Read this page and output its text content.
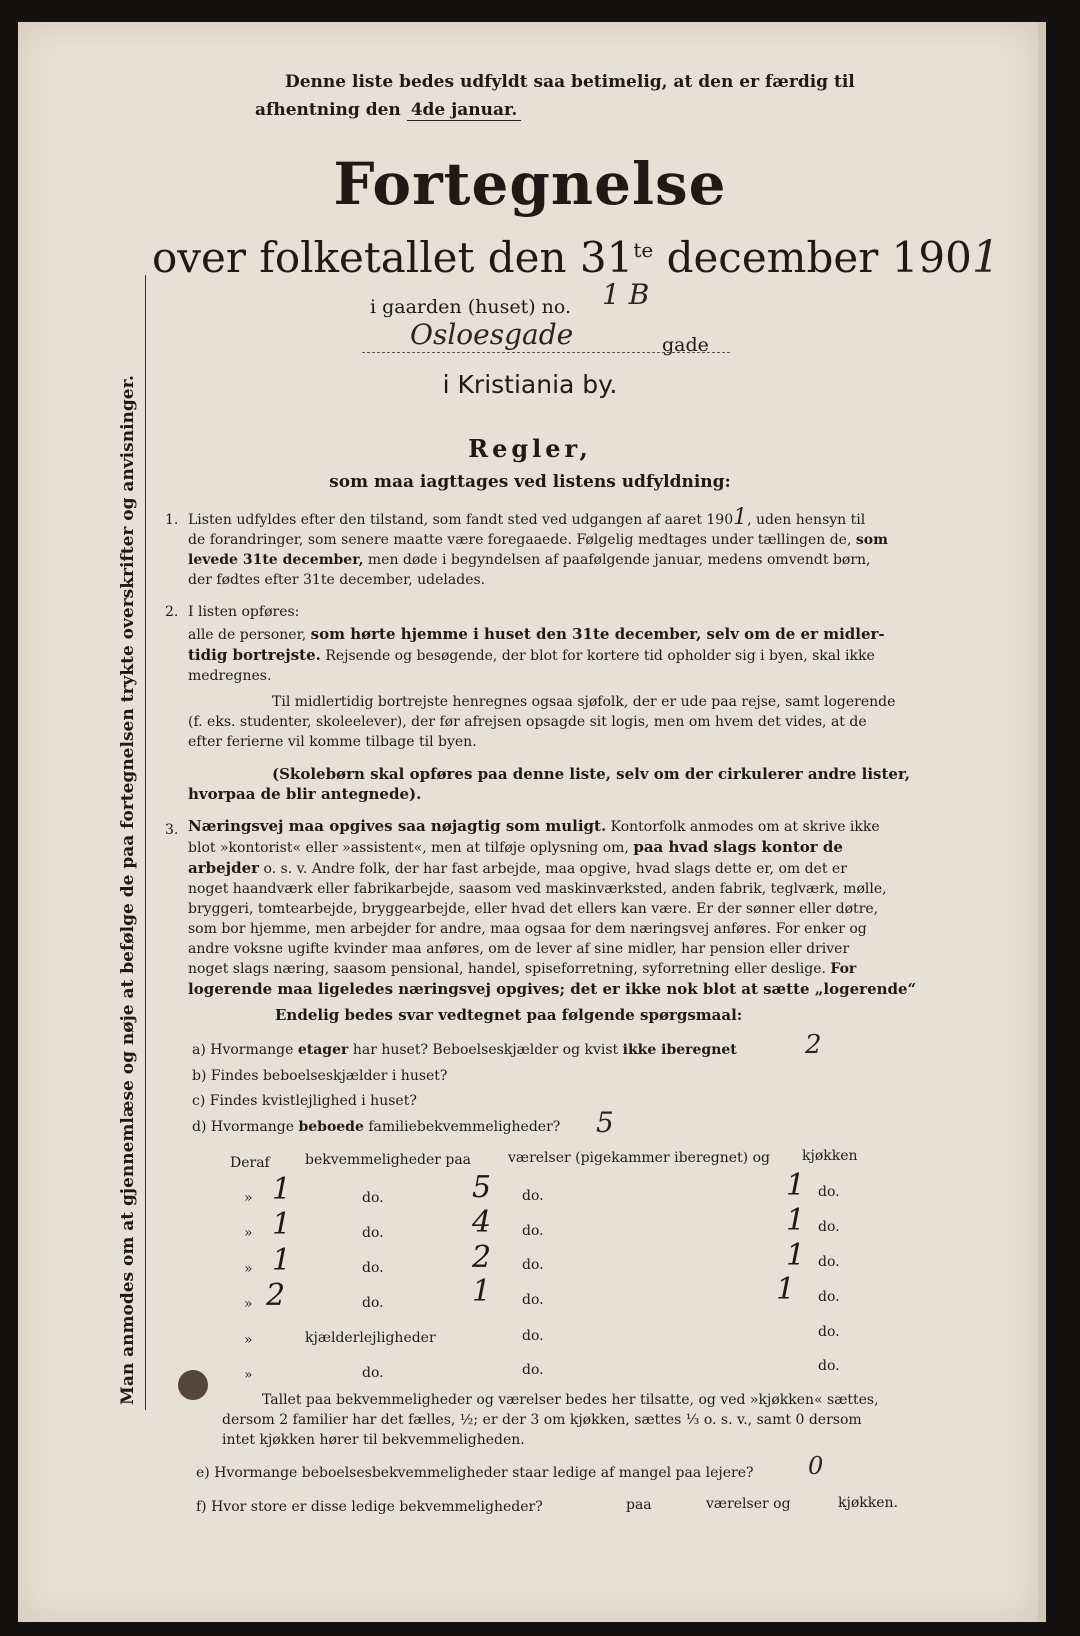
Man anmodes om at gjennemlæse og nøje at befølge de paa fortegnelsen trykte overskrifter og anvisninger.
Denne liste bedes udfyldt saa betimelig, at den er færdig til
afhentning den 4de januar.
Fortegnelse
over folketallet den $31^{te}$ december 1901
i gaarden (huset) no. 1 B
Osloesgade	gade
i Kristiania by.
Regler,
som maa iagttages ved listens udfyldning:
1. Listen udfyldes efter den tilstand, som fandt sted ved udgangen af aaret 1901, uden hensyn til
de forandringer, som senere maatte være foregaaede. Følgelig medtages under tællingen de, som
levede 31te december, men døde i begyndelsen af paafølgende januar, medens omvendt børn,
der fødtes efter 31te december, udelades.
2. I listen opføres:
alle de personer, som hørte hjemme i huset den 31te december, selv om de er midler-
tidig bortrejste. Rejsende og besøgende, der blot for kortere tid opholder sig i byen, skal ikke
medregnes.
Til midlertidig bortrejste henregnes ogsaa sjøfolk, der er ude paa rejse, samt logerende
(f. eks. studenter, skoleelever), der før afrejsen opsagde sit logis, men om hvem det vides, at de
efter ferierne vil komme tilbage til byen.
(Skolebørn skal opføres paa denne liste, selv om der cirkulerer andre lister,
hvorpaa de blir antegnede).
3. Næringsvej maa opgives saa nøjagtig som muligt. Kontorfolk anmodes om at skrive ikke
blot »kontorist« eller »assistent«, men at tilføje oplysning om, paa hvad slags kontor de
arbejder o. s. v. Andre folk, der har fast arbejde, maa opgive, hvad slags dette er, om det er
noget haandværk eller fabrikarbejde, saasom ved maskinværksted, anden fabrik, teglværk, mølle,
bryggeri, tomtearbejde, bryggearbejde, eller hvad det ellers kan være. Er der sønner eller døtre,
som bor hjemme, men arbejder for andre, maa ogsaa for dem næringsvej anføres. For enker og
andre voksne ugifte kvinder maa anføres, om de lever af sine midler, har pension eller driver
noget slags næring, saasom pensional, handel, spiseforretning, syforretning eller deslige. For
logerende maa ligeledes næringsvej opgives; det er ikke nok blot at sætte „logerende“
Endelig bedes svar vedtegnet paa følgende spørgsmaal:
a) Hvormange etager har huset? Beboelseskjælder og kvist ikke iberegnet	2
b) Findes beboelseskjælder i huset?
c) Findes kvistlejlighed i huset?
d) Hvormange beboede familiebekvemmeligheder? 5
Deraf	bekvemmeligheder paa	værelser (pigekammer iberegnet) og kjøkken
» 1	do.	5 do.	1 do.
» 1	do.	4 do.	1 do.
» 1	do.	2 do.	1 do.
» 2	do.	1 do.	1 do.
»	kjælderlejligheder	do.	do.
»	do.	do.	do.
Tallet paa bekvemmeligheder og værelser bedes her tilsatte, og ved »kjøkken« sættes,
dersom 2 familier har det fælles, ½; er der 3 om kjøkken, sættes ⅓ o. s. v., samt 0 dersom
intet kjøkken hører til bekvemmeligheden.
e) Hvormange beboelsesbekvemmeligheder staar ledige af mangel paa lejere? 0
f) Hvor store er disse ledige bekvemmeligheder?	paa	værelser og	kjøkken.
